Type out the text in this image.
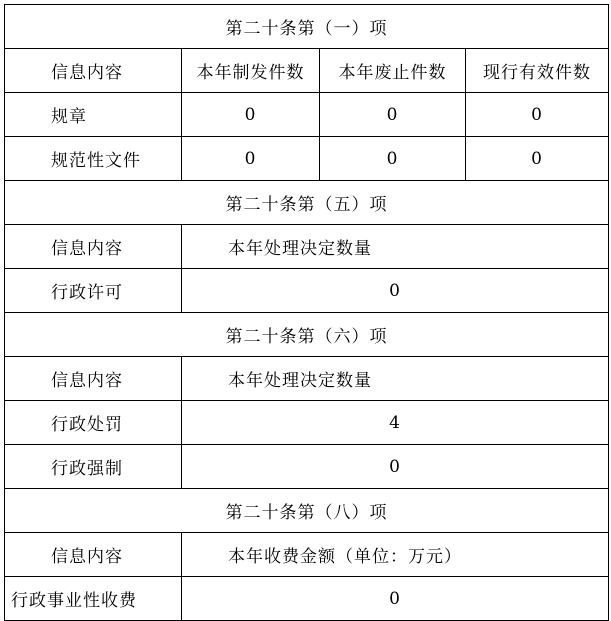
第二十条第（一）项			
信息内容	本年制发件数	本年废止件数	现行有效件数
规章	0	0	0
规范性文件	0	0	0
第二十条第（五）项			
信息内容	本年处理决定数量		
行政许可	0		
第二十条第（六）项			
信息内容	本年处理决定数量		
行政处罚	4		
行政强制	0		
第二十条第（八）项			
信息内容	本年收费金额（单位：万元）		
行政事业性收费	0		
